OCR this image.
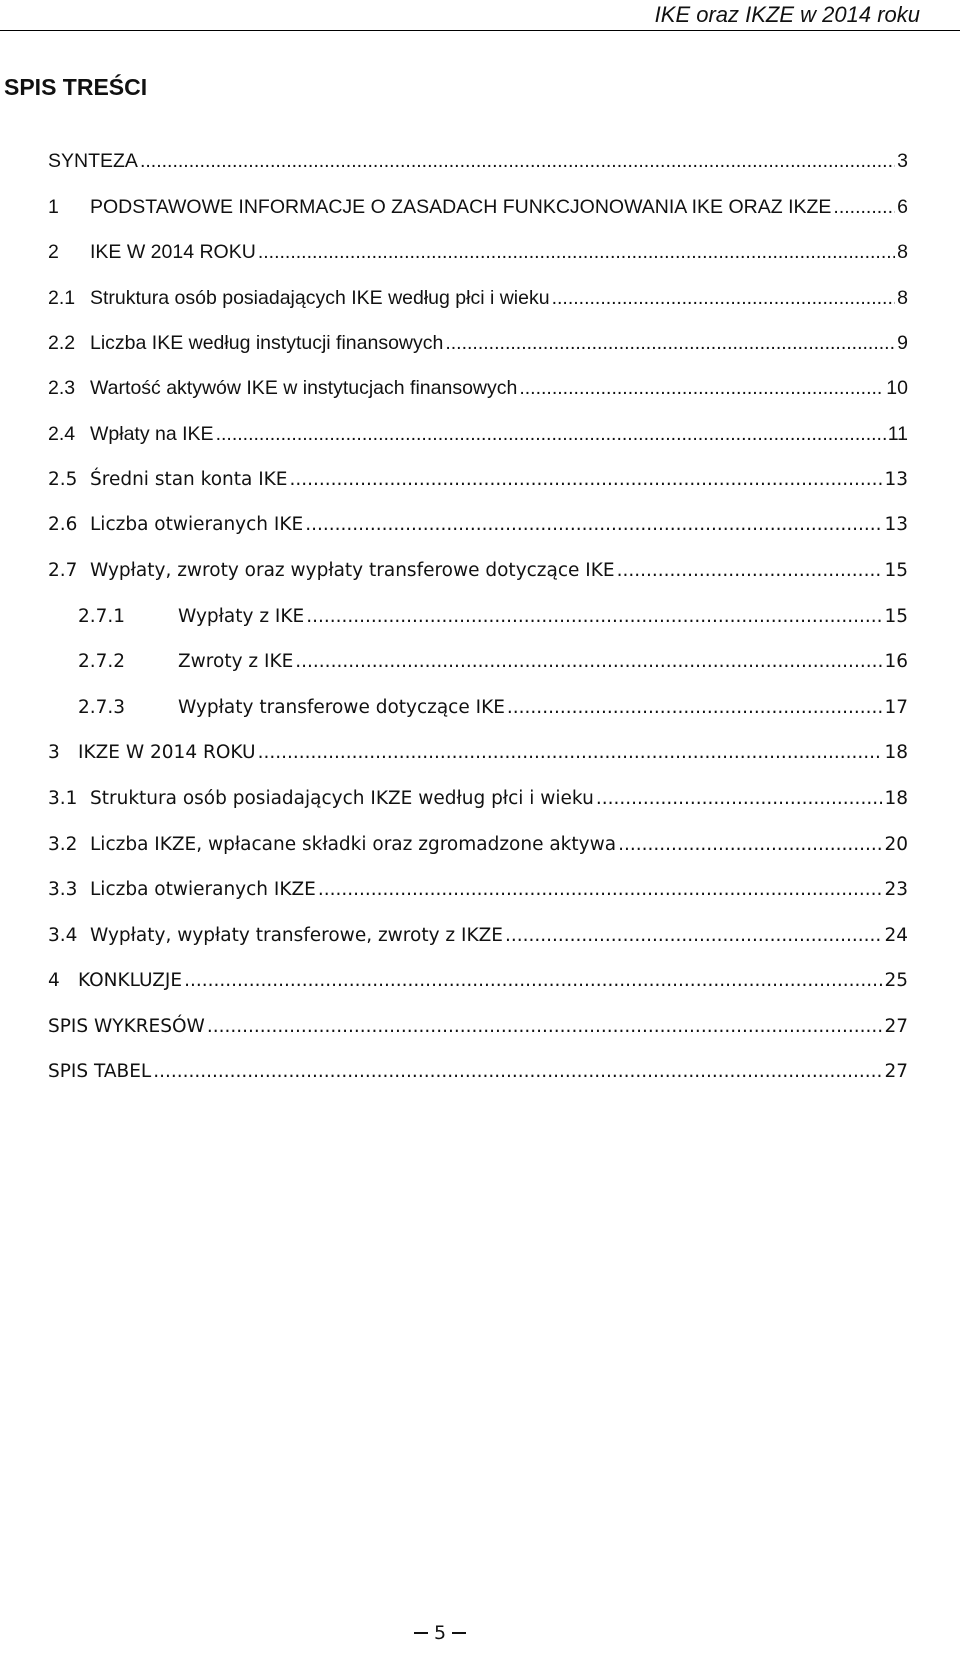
IKE oraz IKZE w 2014 roku
SPIS TREŚCI
SYNTEZA .....	3
1	PODSTAWOWE INFORMACJE O ZASADACH FUNKCJONOWANIA IKE ORAZ IKZE .....	6
2	IKE W 2014 ROKU .....	8
2.1 Struktura osób posiadających IKE według płci i wieku .....	8
2.2 Liczba IKE według instytucji finansowych .....	9
2.3 Wartość aktywów IKE w instytucjach finansowych .....	10
2.4 Wpłaty na IKE .....	11
2.5 Średni stan konta IKE .....	13
2.6 Liczba otwieranych IKE .....	13
2.7 Wypłaty, zwroty oraz wypłaty transferowe dotyczące IKE .....	15
2.7.1	Wypłaty z IKE .....	15
2.7.2	Zwroty z IKE .....	16
2.7.3	Wypłaty transferowe dotyczące IKE .....	17
3 IKZE W 2014 ROKU .....	18
3.1 Struktura osób posiadających IKZE według płci i wieku .....	18
3.2 Liczba IKZE, wpłacane składki oraz zgromadzone aktywa .....	20
3.3 Liczba otwieranych IKZE .....	23
3.4 Wypłaty, wypłaty transferowe, zwroty z IKZE .....	24
4 KONKLUZJE .....	25
SPIS WYKRESÓW .....	27
SPIS TABEL .....	27
5
